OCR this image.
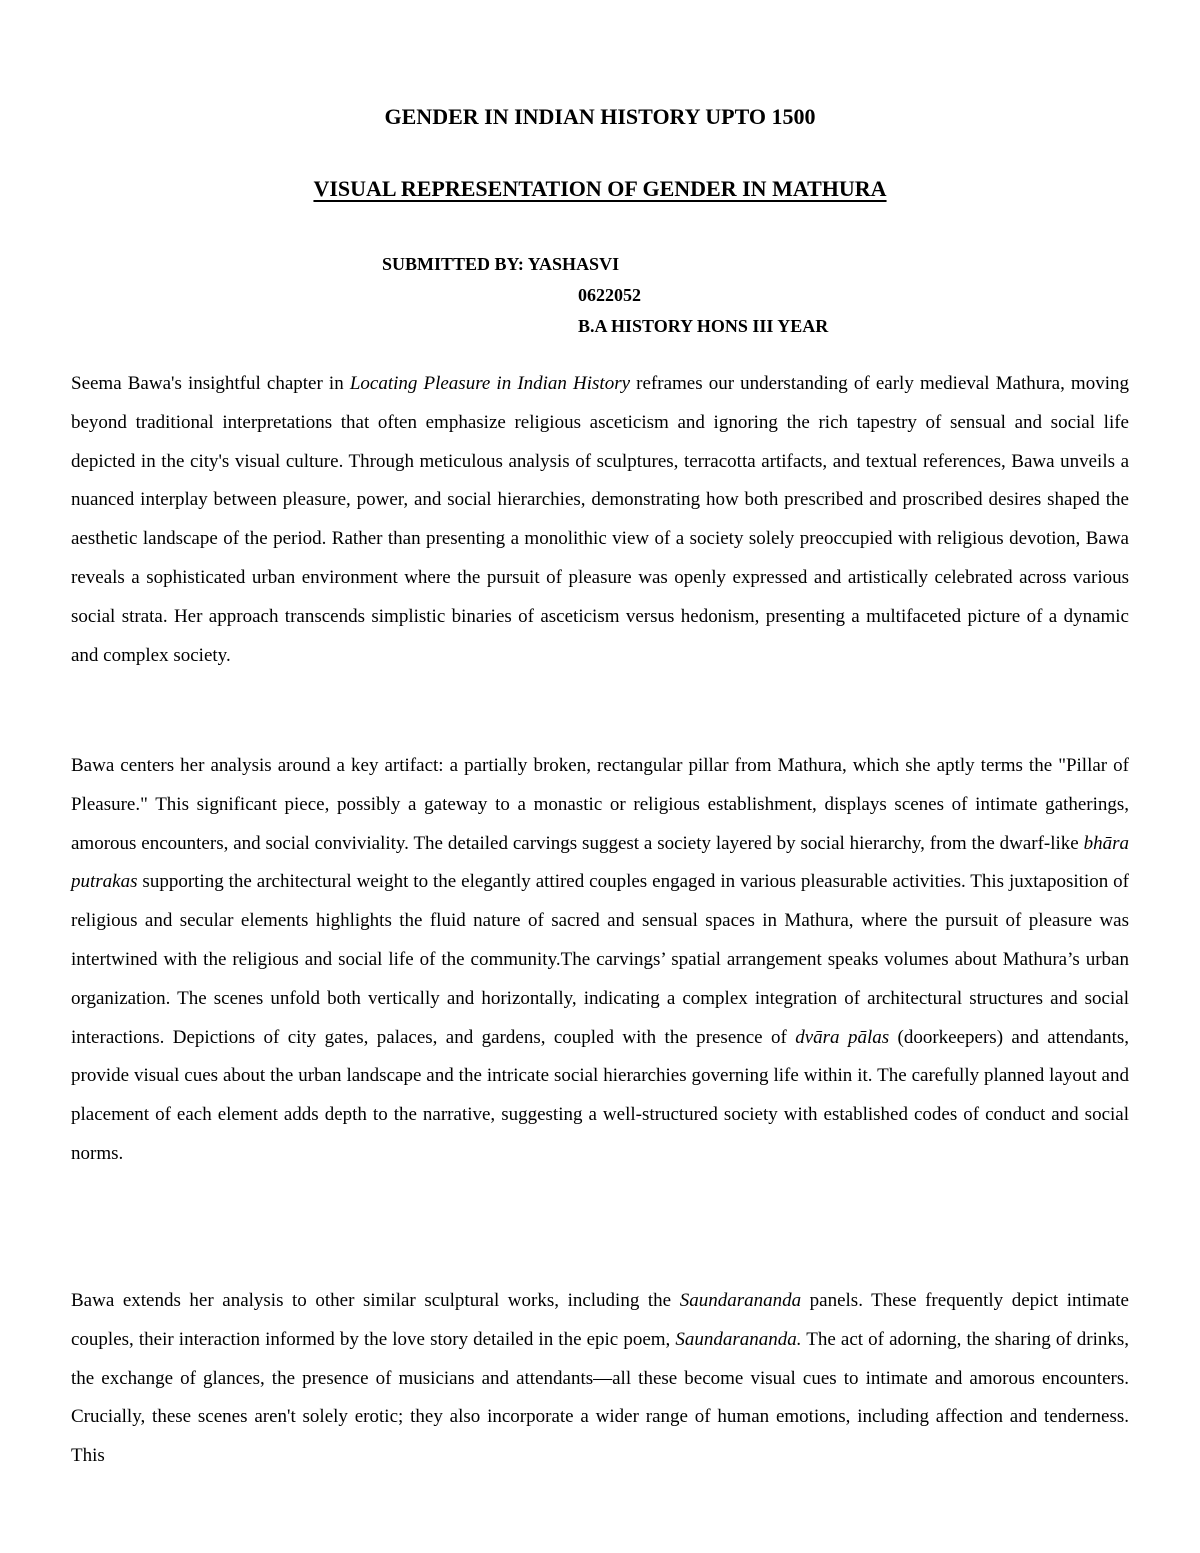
GENDER IN INDIAN HISTORY UPTO 1500
VISUAL REPRESENTATION OF GENDER IN MATHURA

SUBMITTED BY: YASHASVI

0622052

B.A HISTORY HONS III YEAR

Seema Bawa's insightful chapter in Locating Pleasure in Indian History reframes our understanding of early medieval Mathura, moving beyond traditional interpretations that often emphasize religious asceticism and ignoring the rich tapestry of sensual and social life depicted in the city's visual culture. Through meticulous analysis of sculptures, terracotta artifacts, and textual references, Bawa unveils a nuanced interplay between pleasure, power, and social hierarchies, demonstrating how both prescribed and proscribed desires shaped the aesthetic landscape of the period. Rather than presenting a monolithic view of a society solely preoccupied with religious devotion, Bawa reveals a sophisticated urban environment where the pursuit of pleasure was openly expressed and artistically celebrated across various social strata. Her approach transcends simplistic binaries of asceticism versus hedonism, presenting a multifaceted picture of a dynamic and complex society.

Bawa centers her analysis around a key artifact: a partially broken, rectangular pillar from Mathura, which she aptly terms the "Pillar of Pleasure." This significant piece, possibly a gateway to a monastic or religious establishment, displays scenes of intimate gatherings, amorous encounters, and social conviviality. The detailed carvings suggest a society layered by social hierarchy, from the dwarf-like bhāra putrakas supporting the architectural weight to the elegantly attired couples engaged in various pleasurable activities. This juxtaposition of religious and secular elements highlights the fluid nature of sacred and sensual spaces in Mathura, where the pursuit of pleasure was intertwined with the religious and social life of the community.The carvings’ spatial arrangement speaks volumes about Mathura’s urban organization. The scenes unfold both vertically and horizontally, indicating a complex integration of architectural structures and social interactions. Depictions of city gates, palaces, and gardens, coupled with the presence of dvāra pālas (doorkeepers) and attendants, provide visual cues about the urban landscape and the intricate social hierarchies governing life within it. The carefully planned layout and placement of each element adds depth to the narrative, suggesting a well-structured society with established codes of conduct and social norms.

Bawa extends her analysis to other similar sculptural works, including the Saundarananda panels. These frequently depict intimate couples, their interaction informed by the love story detailed in the epic poem, Saundarananda. The act of adorning, the sharing of drinks, the exchange of glances, the presence of musicians and attendants—all these become visual cues to intimate and amorous encounters. Crucially, these scenes aren't solely erotic; they also incorporate a wider range of human emotions, including affection and tenderness. This
